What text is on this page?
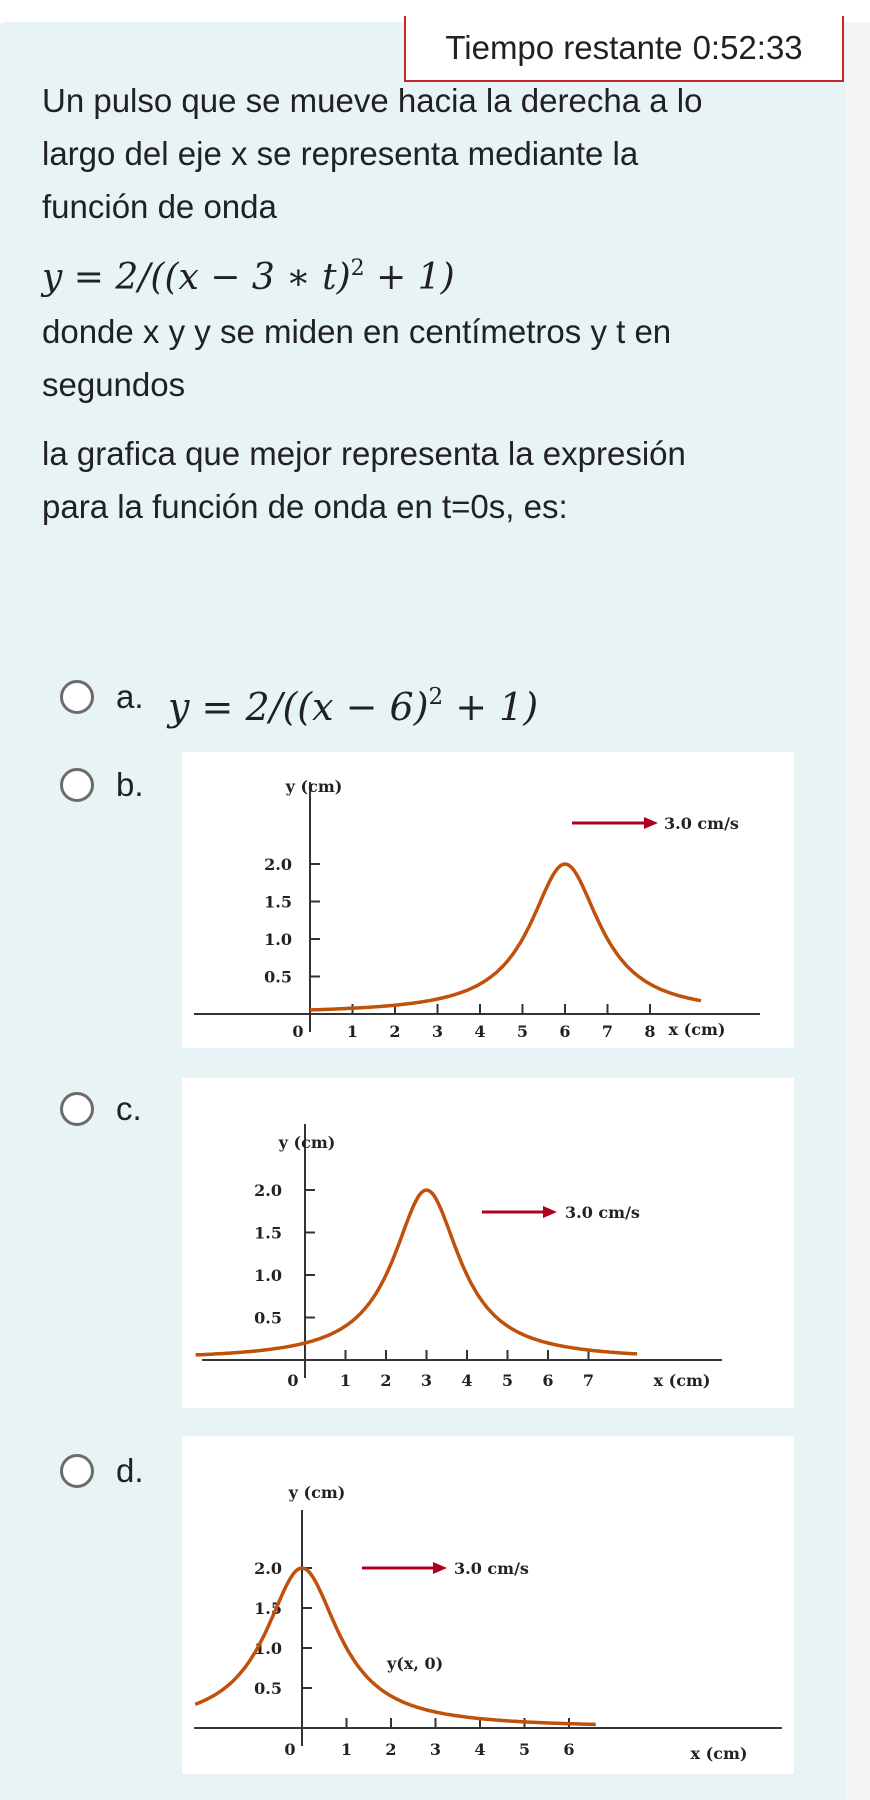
Tiempo restante 0:52:33

Un pulso que se mueve hacia la derecha a lo

largo del eje x se representa mediante la

función de onda

y = 2/((x − 3 ∗ t)$^2$ + 1)

donde x y y se miden en centímetros y t en

segundos

la grafica que mejor representa la expresión

para la función de onda en t=0s, es:

a. $y = 2/((x - 6)^2 + 1)$
b.	y (cm)
0.5
1.0
1.5
2.0
0	1 2 3 4 5 6 7 8 x (cm)
3.0 cm/s
c.
y (cm)
0.5
1.0
1.5
2.0
0	1 2 3 4 5 6 7	x (cm)
3.0 cm/s
d.
y (cm)
0.5
1.0
1.5
2.0
0	1 2 3 4 5 6	x (cm)
3.0 cm/s
y(x, 0)
